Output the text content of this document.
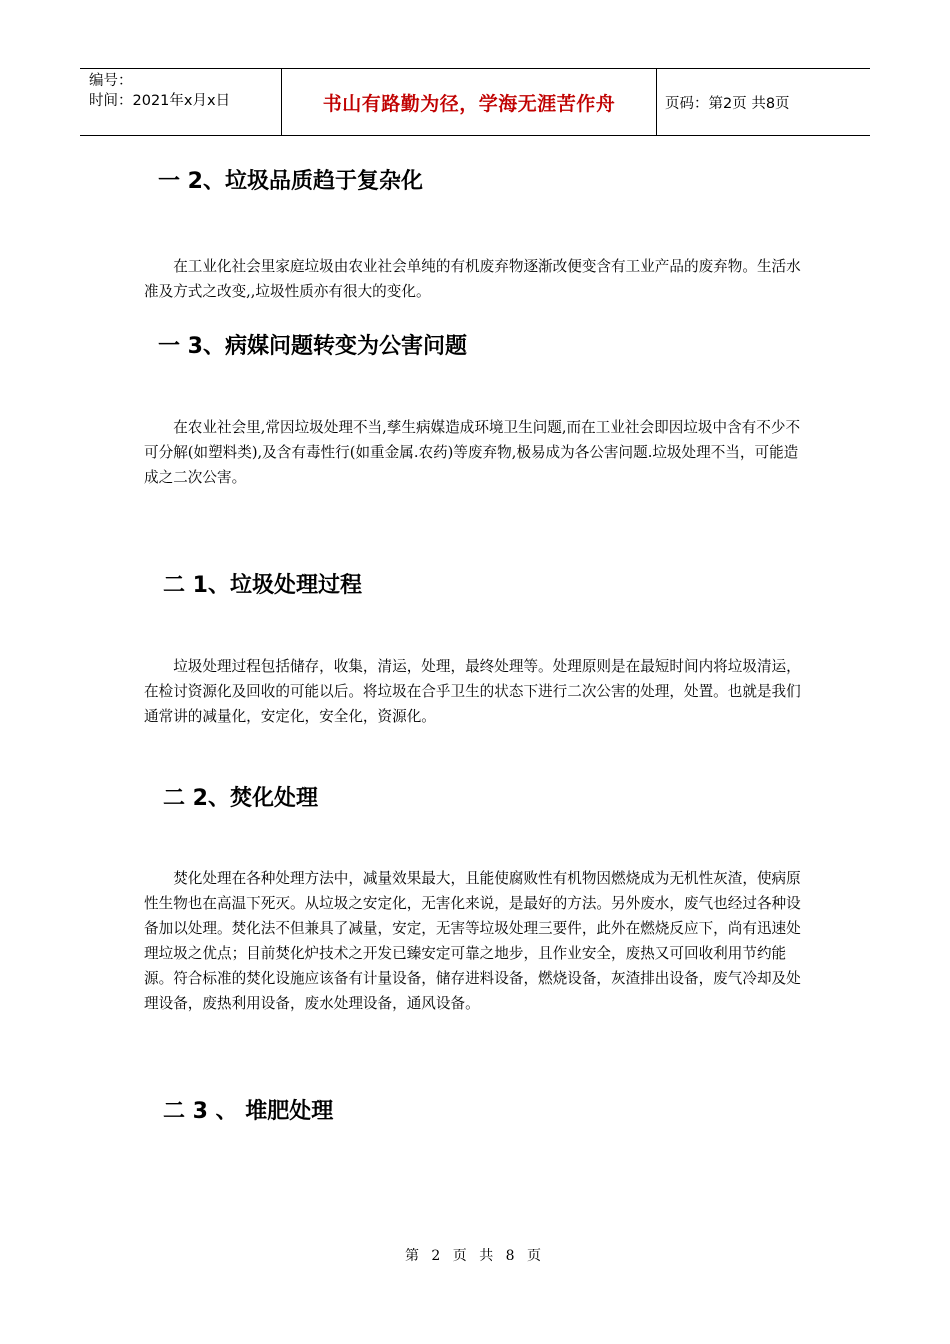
编号：
时间：2021年x月x日	书山有路勤为径，学海无涯苦作舟	页码：第2页 共8页
一 2、垃圾品质趋于复杂化

　　在工业化社会里家庭垃圾由农业社会单纯的有机废弃物逐渐改便变含有工业产品的废弃物。生活水准及方式之改变,,垃圾性质亦有很大的变化。

一 3、病媒问题转变为公害问题

　　在农业社会里,常因垃圾处理不当,孳生病媒造成环境卫生问题,而在工业社会即因垃圾中含有不少不可分解(如塑料类),及含有毒性行(如重金属.农药)等废弃物,极易成为各公害问题.垃圾处理不当，可能造成之二次公害。

二 1、垃圾处理过程

　　垃圾处理过程包括储存，收集，清运，处理，最终处理等。处理原则是在最短时间内将垃圾清运，在检讨资源化及回收的可能以后。将垃圾在合乎卫生的状态下进行二次公害的处理，处置。也就是我们通常讲的减量化，安定化，安全化，资源化。

二 2、焚化处理

　　焚化处理在各种处理方法中，减量效果最大，且能使腐败性有机物因燃烧成为无机性灰渣，使病原性生物也在高温下死灭。从垃圾之安定化，无害化来说，是最好的方法。另外废水，废气也经过各种设备加以处理。焚化法不但兼具了减量，安定，无害等垃圾处理三要件，此外在燃烧反应下，尚有迅速处理垃圾之优点；目前焚化炉技术之开发已臻安定可靠之地步，且作业安全，废热又可回收利用节约能源。符合标准的焚化设施应该备有计量设备，储存进料设备，燃烧设备，灰渣排出设备，废气冷却及处理设备，废热利用设备，废水处理设备，通风设备。

二 3 、 堆肥处理
第 2 页 共 8 页
